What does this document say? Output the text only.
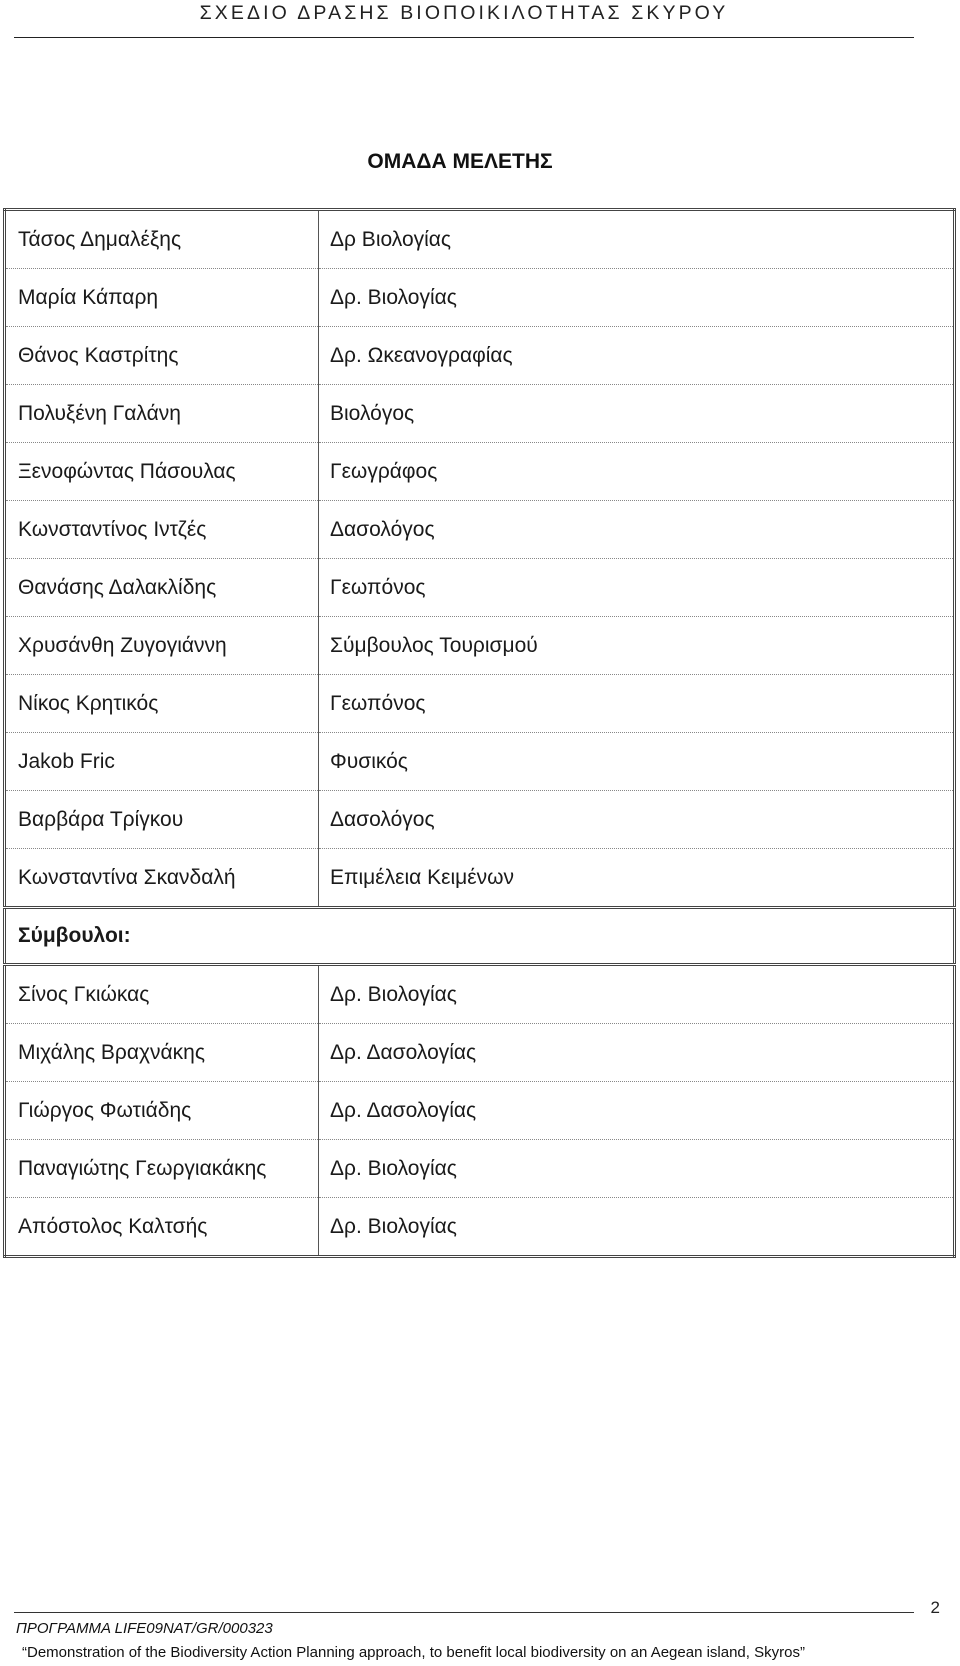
ΣΧΕΔΙΟ ΔΡΑΣΗΣ ΒΙΟΠΟΙΚΙΛΟΤΗΤΑΣ ΣΚΥΡΟΥ
ΟΜΑΔΑ ΜΕΛΕΤΗΣ
Τάσος Δημαλέξης	Δρ Βιολογίας
Μαρία Κάπαρη	Δρ. Βιολογίας
Θάνος Καστρίτης	Δρ. Ωκεανογραφίας
Πολυξένη Γαλάνη	Βιολόγος
Ξενοφώντας Πάσουλας	Γεωγράφος
Κωνσταντίνος Ιντζές	Δασολόγος
Θανάσης Δαλακλίδης	Γεωπόνος
Χρυσάνθη Ζυγογιάννη	Σύμβουλος Τουρισμού
Νίκος Κρητικός	Γεωπόνος
Jakob Fric	Φυσικός
Βαρβάρα Τρίγκου	Δασολόγος
Κωνσταντίνα Σκανδαλή	Επιμέλεια Κειμένων
Σύμβουλοι:	
Σίνος Γκιώκας	Δρ. Βιολογίας
Μιχάλης Βραχνάκης	Δρ. Δασολογίας
Γιώργος Φωτιάδης	Δρ. Δασολογίας
Παναγιώτης Γεωργιακάκης	Δρ. Βιολογίας
Απόστολος Καλτσής	Δρ. Βιολογίας
2
ΠΡΟΓΡΑΜΜΑ LIFE09NAT/GR/000323
“Demonstration of the Biodiversity Action Planning approach, to benefit local biodiversity on an Aegean island, Skyros”
